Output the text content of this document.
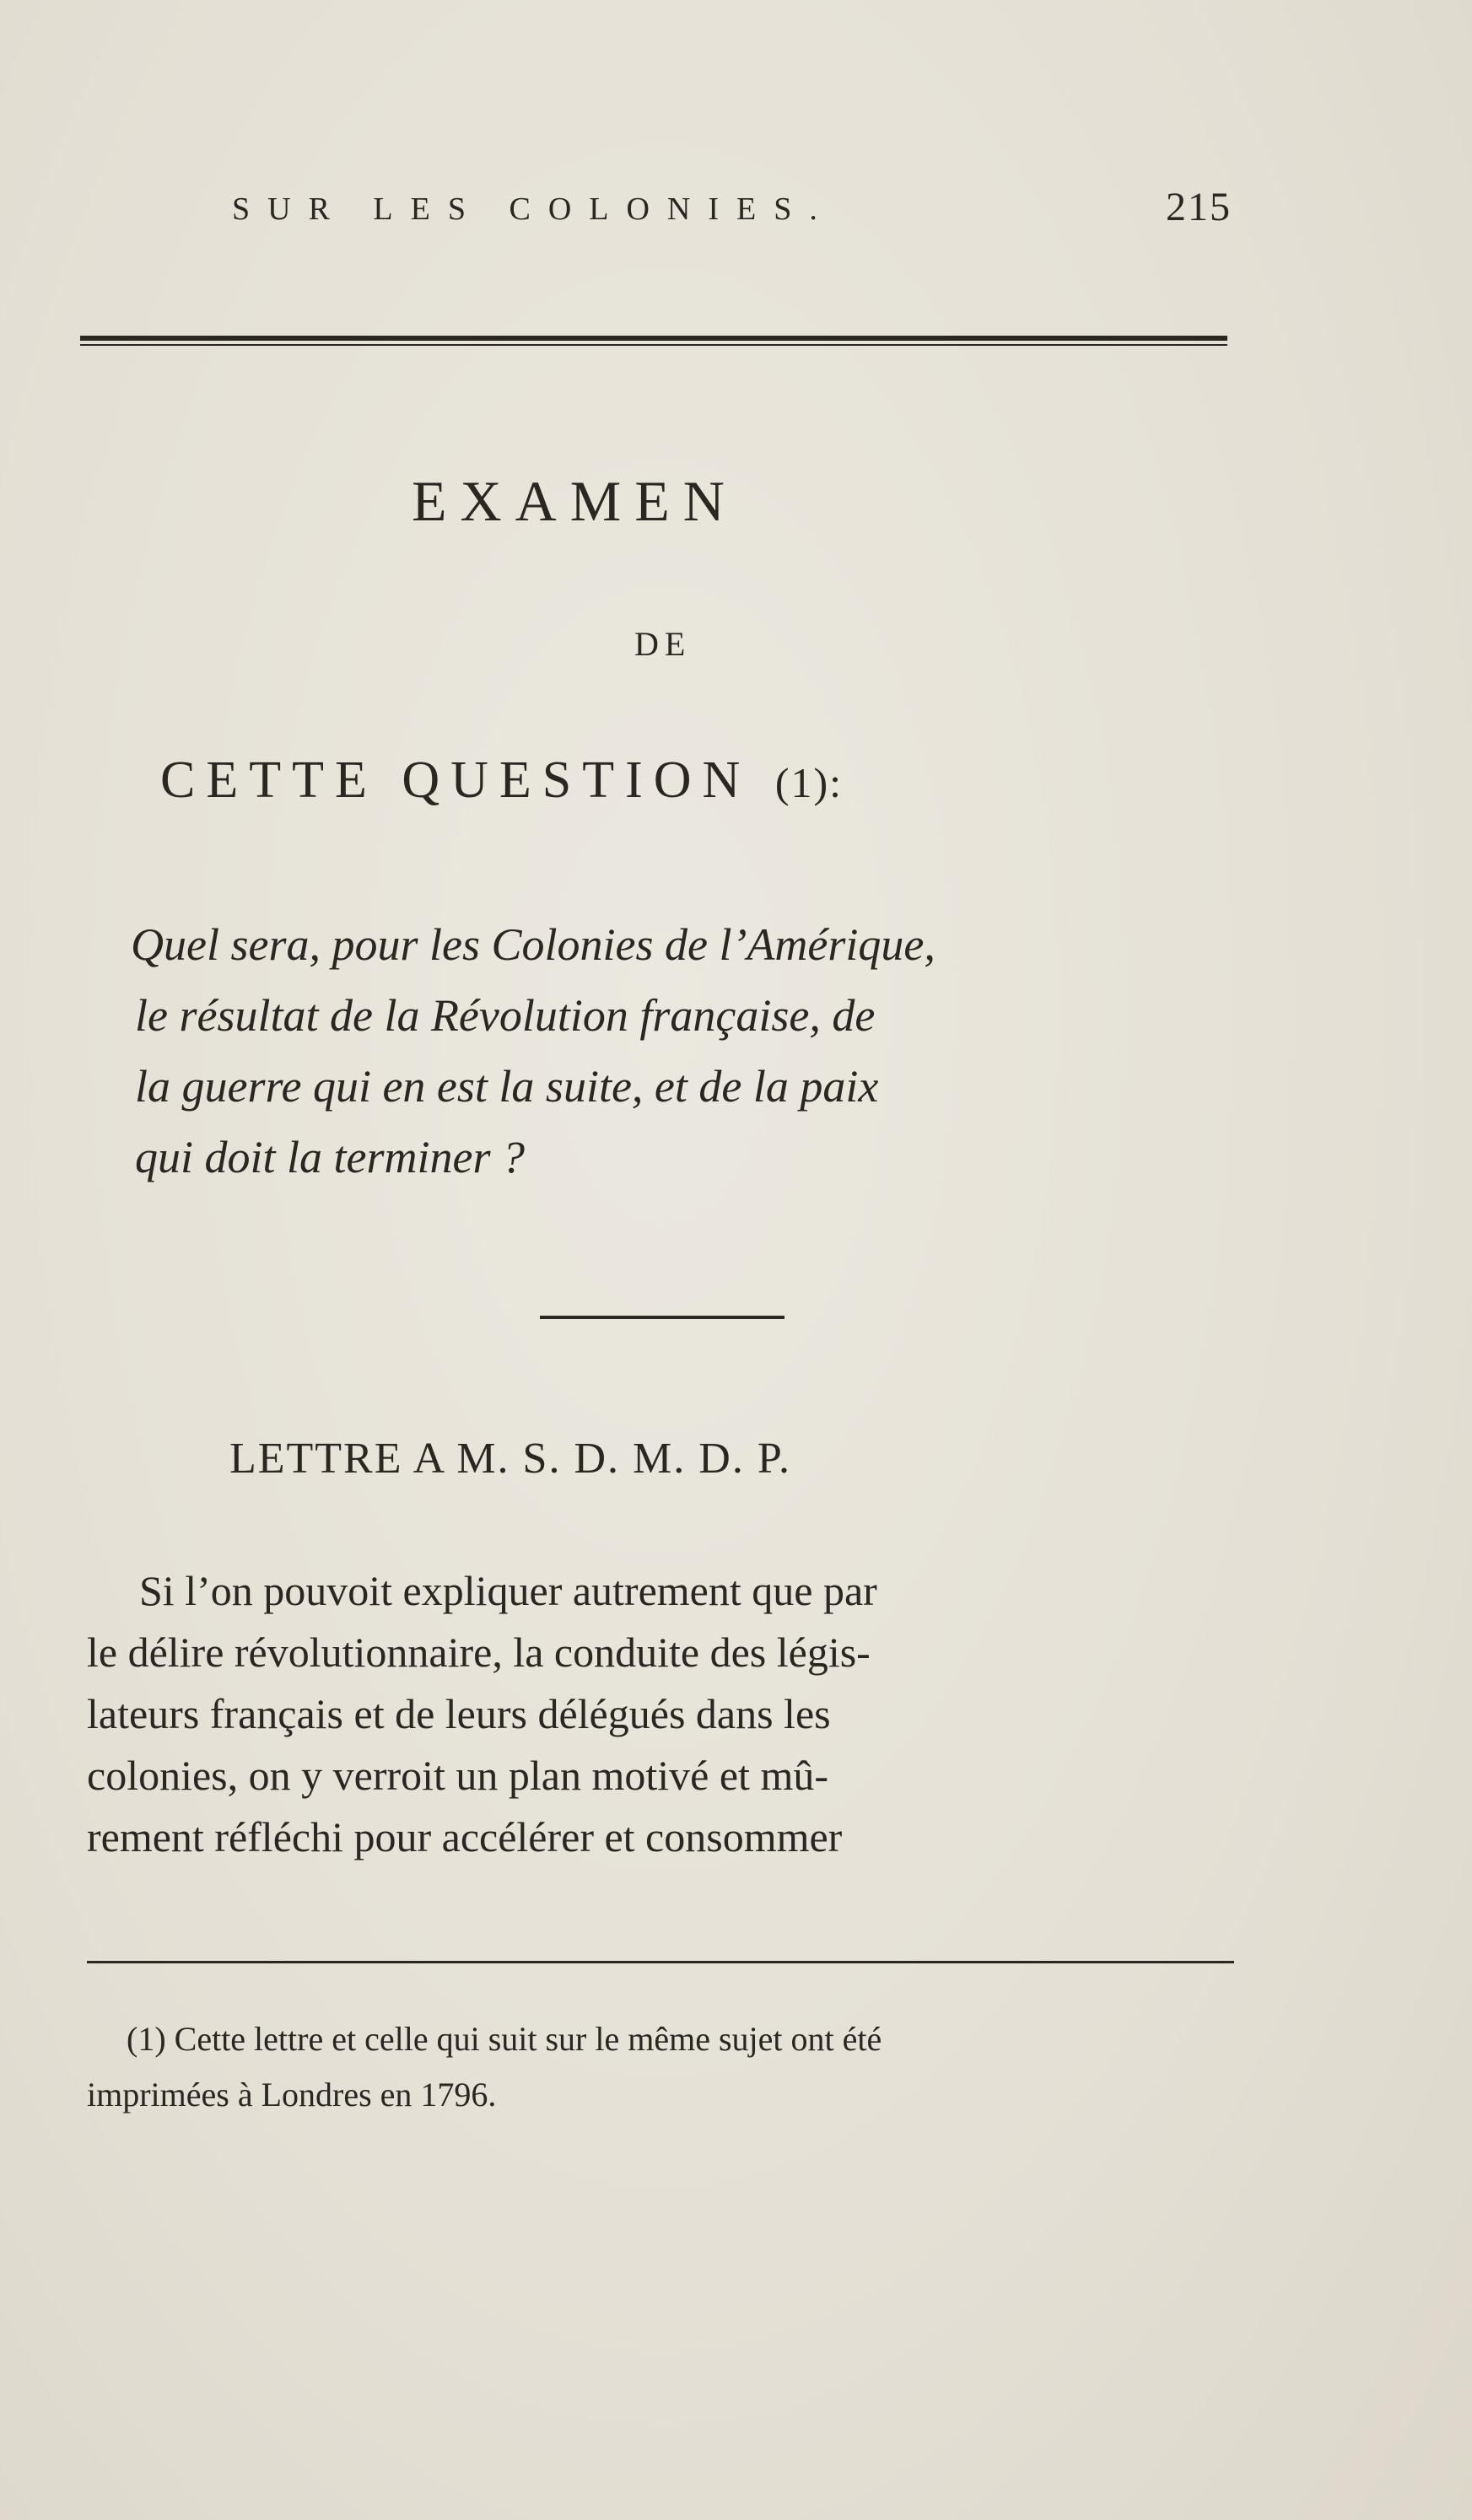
SUR LES COLONIES.	215
EXAMEN
DE
CETTE QUESTION (1):
Quel sera, pour les Colonies de l’Amérique,
le résultat de la Révolution française, de
la guerre qui en est la suite, et de la paix
qui doit la terminer ?
LETTRE A M. S. D. M. D. P.
Si l’on pouvoit expliquer autrement que par
le délire révolutionnaire, la conduite des légis-
lateurs français et de leurs délégués dans les
colonies, on y verroit un plan motivé et mû-
rement réfléchi pour accélérer et consommer
(1) Cette lettre et celle qui suit sur le même sujet ont été
imprimées à Londres en 1796.
